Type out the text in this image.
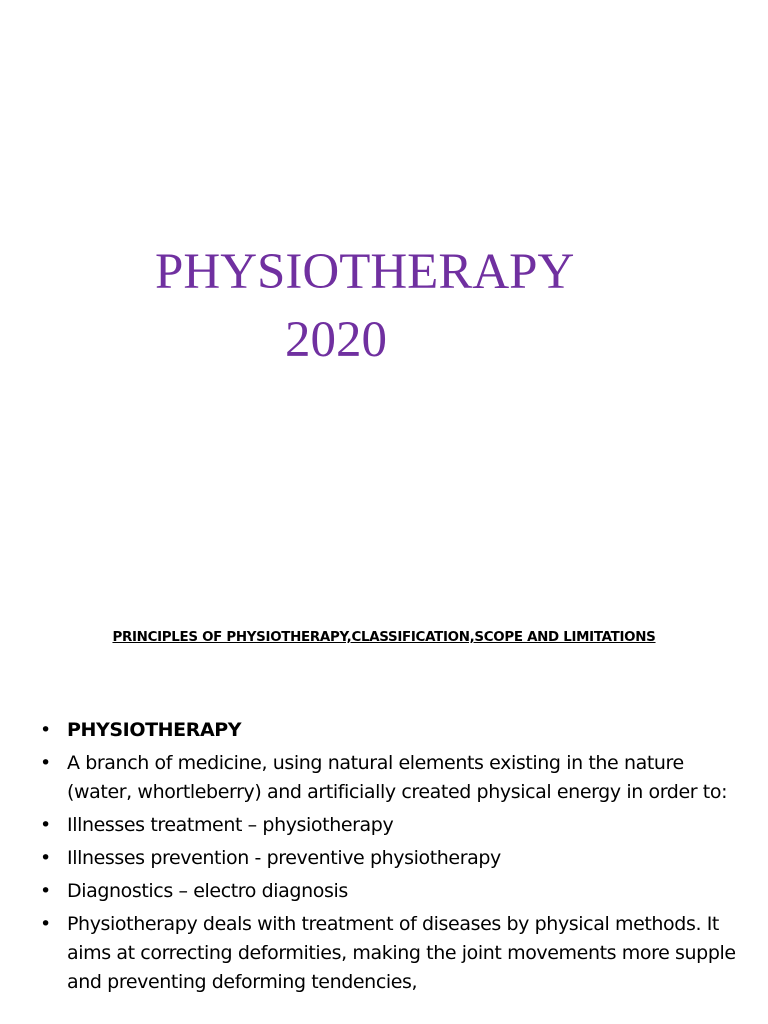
PHYSIOTHERAPY
2020
PRINCIPLES OF PHYSIOTHERAPY,CLASSIFICATION,SCOPE AND LIMITATIONS
• PHYSIOTHERAPY
• A branch of medicine, using natural elements existing in the nature (water, whortleberry) and artificially created physical energy in order to:
• Illnesses treatment – physiotherapy
• Illnesses prevention - preventive physiotherapy
• Diagnostics – electro diagnosis
• Physiotherapy deals with treatment of diseases by physical methods. It aims at correcting deformities, making the joint movements more supple and preventing deforming tendencies,
